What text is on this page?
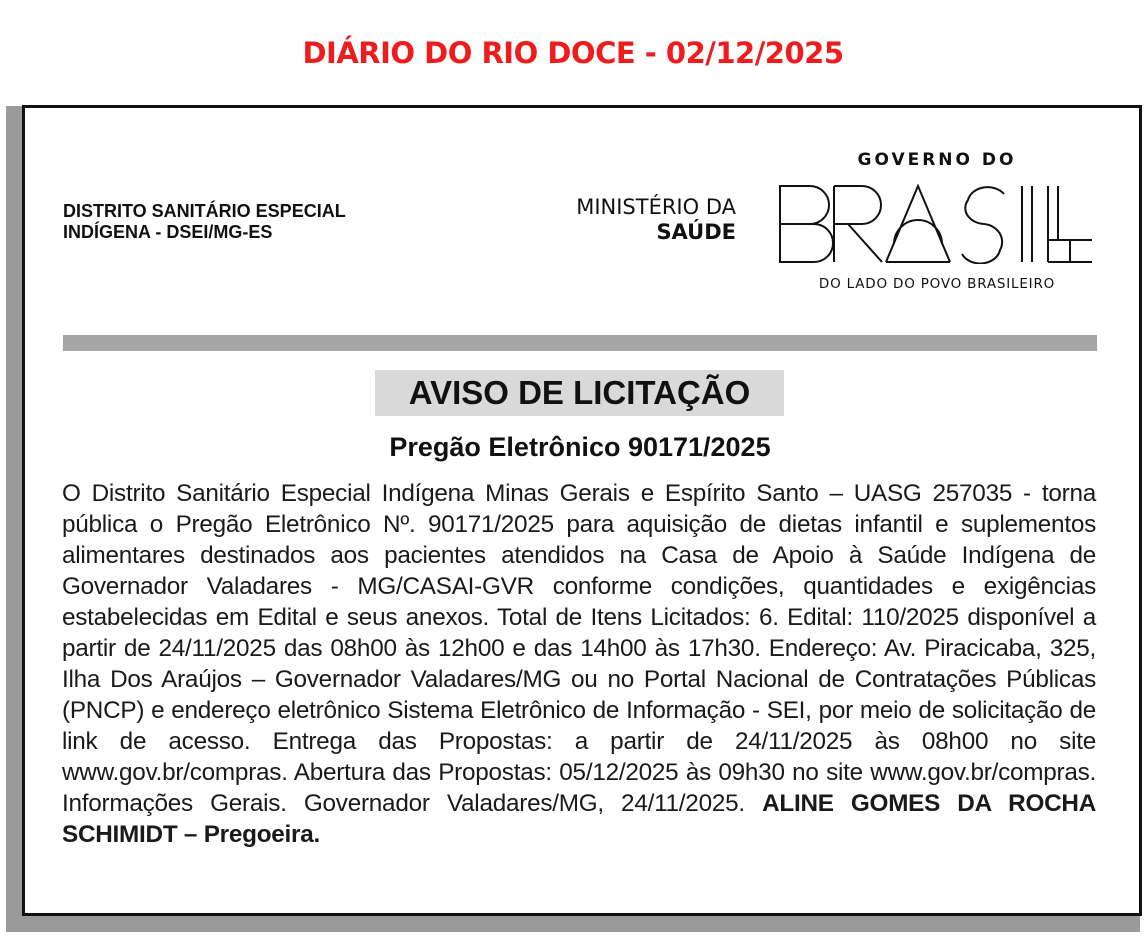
DIÁRIO DO RIO DOCE - 02/12/2025
DISTRITO SANITÁRIO ESPECIAL
INDÍGENA - DSEI/MG-ES
MINISTÉRIO DA
SAÚDE
GOVERNO DO
DO LADO DO POVO BRASILEIRO
AVISO DE LICITAÇÃO
Pregão Eletrônico 90171/2025
O Distrito Sanitário Especial Indígena Minas Gerais e Espírito Santo – UASG 257035 - torna pública o Pregão Eletrônico Nº. 90171/2025 para aquisição de dietas infantil e suplementos alimentares destinados aos pacientes atendidos na Casa de Apoio à Saúde Indígena de Governador Valadares - MG/CASAI-GVR conforme condições, quantidades e exigências estabelecidas em Edital e seus anexos. Total de Itens Licitados: 6. Edital: 110/2025 disponível a partir de 24/11/2025 das 08h00 às 12h00 e das 14h00 às 17h30. Endereço: Av. Piracicaba, 325, Ilha Dos Araújos – Governador Valadares/MG ou no Portal Nacional de Contratações Públicas (PNCP) e endereço eletrônico Sistema Eletrônico de Informação - SEI, por meio de solicitação de link de acesso. Entrega das Propostas: a partir de 24/11/2025 às 08h00 no site www.gov.br/compras. Abertura das Propostas: 05/12/2025 às 09h30 no site www.gov.br/compras. Informações Gerais. Governador Valadares/MG, 24/11/2025. ALINE GOMES DA ROCHA SCHIMIDT – Pregoeira.
